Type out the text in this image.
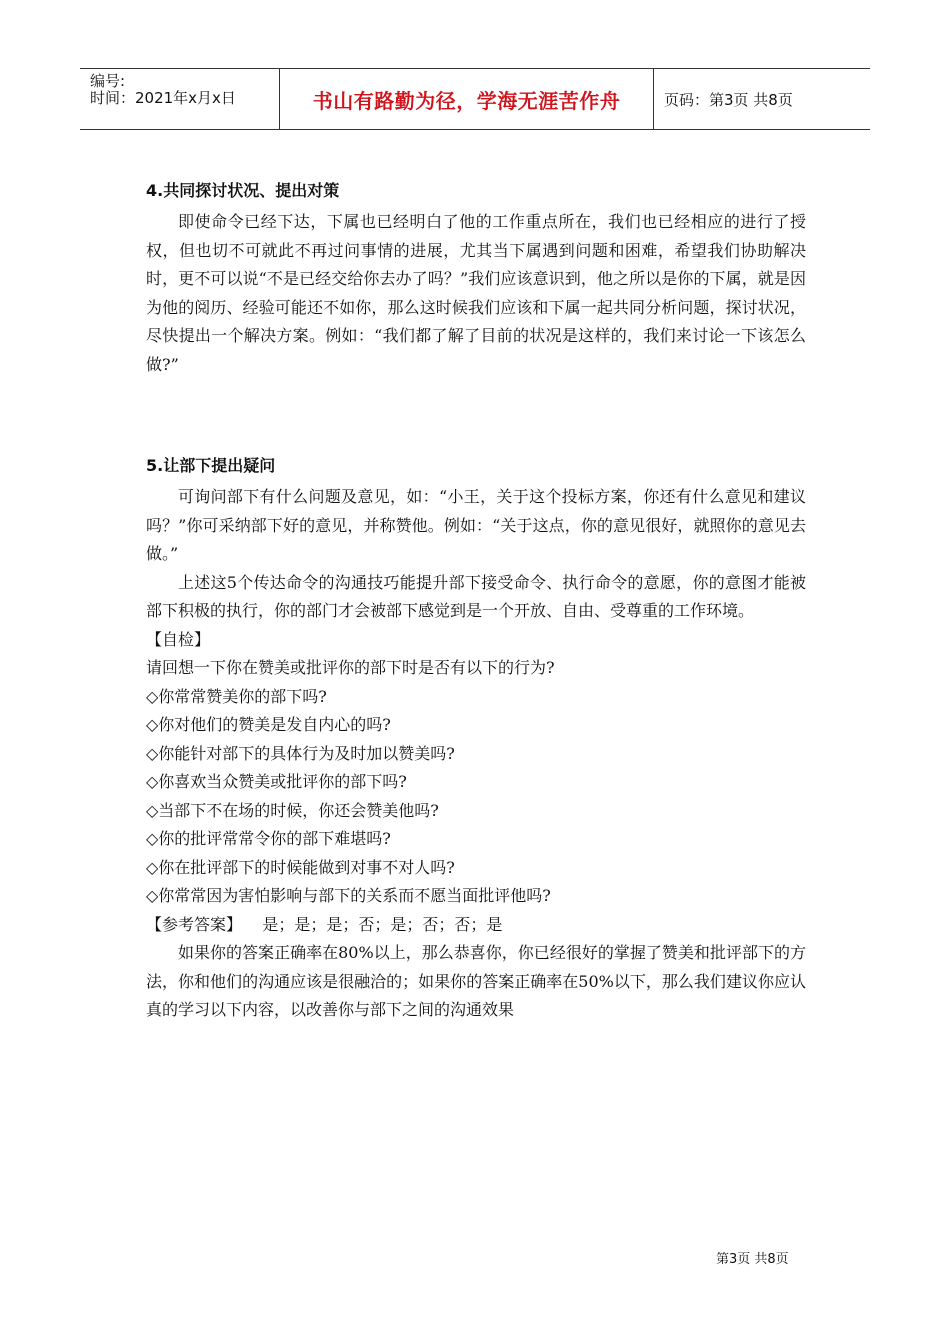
编号:
时间：2021年x月x日	书山有路勤为径，学海无涯苦作舟	页码：第3页 共8页
4.共同探讨状况、提出对策

即使命令已经下达，下属也已经明白了他的工作重点所在，我们也已经相应的进行了授权，但也切不可就此不再过问事情的进展，尤其当下属遇到问题和困难，希望我们协助解决时，更不可以说“不是已经交给你去办了吗？”我们应该意识到，他之所以是你的下属，就是因为他的阅历、经验可能还不如你，那么这时候我们应该和下属一起共同分析问题，探讨状况，尽快提出一个解决方案。例如：“我们都了解了目前的状况是这样的，我们来讨论一下该怎么做?”

5.让部下提出疑问

可询问部下有什么问题及意见，如：“小王，关于这个投标方案，你还有什么意见和建议吗？”你可采纳部下好的意见，并称赞他。例如：“关于这点，你的意见很好，就照你的意见去做。”

上述这5个传达命令的沟通技巧能提升部下接受命令、执行命令的意愿，你的意图才能被部下积极的执行，你的部门才会被部下感觉到是一个开放、自由、受尊重的工作环境。

【自检】

请回想一下你在赞美或批评你的部下时是否有以下的行为?

◇你常常赞美你的部下吗?

◇你对他们的赞美是发自内心的吗?

◇你能针对部下的具体行为及时加以赞美吗?

◇你喜欢当众赞美或批评你的部下吗?

◇当部下不在场的时候，你还会赞美他吗?

◇你的批评常常令你的部下难堪吗?

◇你在批评部下的时候能做到对事不对人吗?

◇你常常因为害怕影响与部下的关系而不愿当面批评他吗?

【参考答案】 是；是；是；否；是；否；否；是

如果你的答案正确率在80%以上，那么恭喜你，你已经很好的掌握了赞美和批评部下的方法，你和他们的沟通应该是很融洽的；如果你的答案正确率在50%以下，那么我们建议你应认真的学习以下内容，以改善你与部下之间的沟通效果

第3页 共8页
